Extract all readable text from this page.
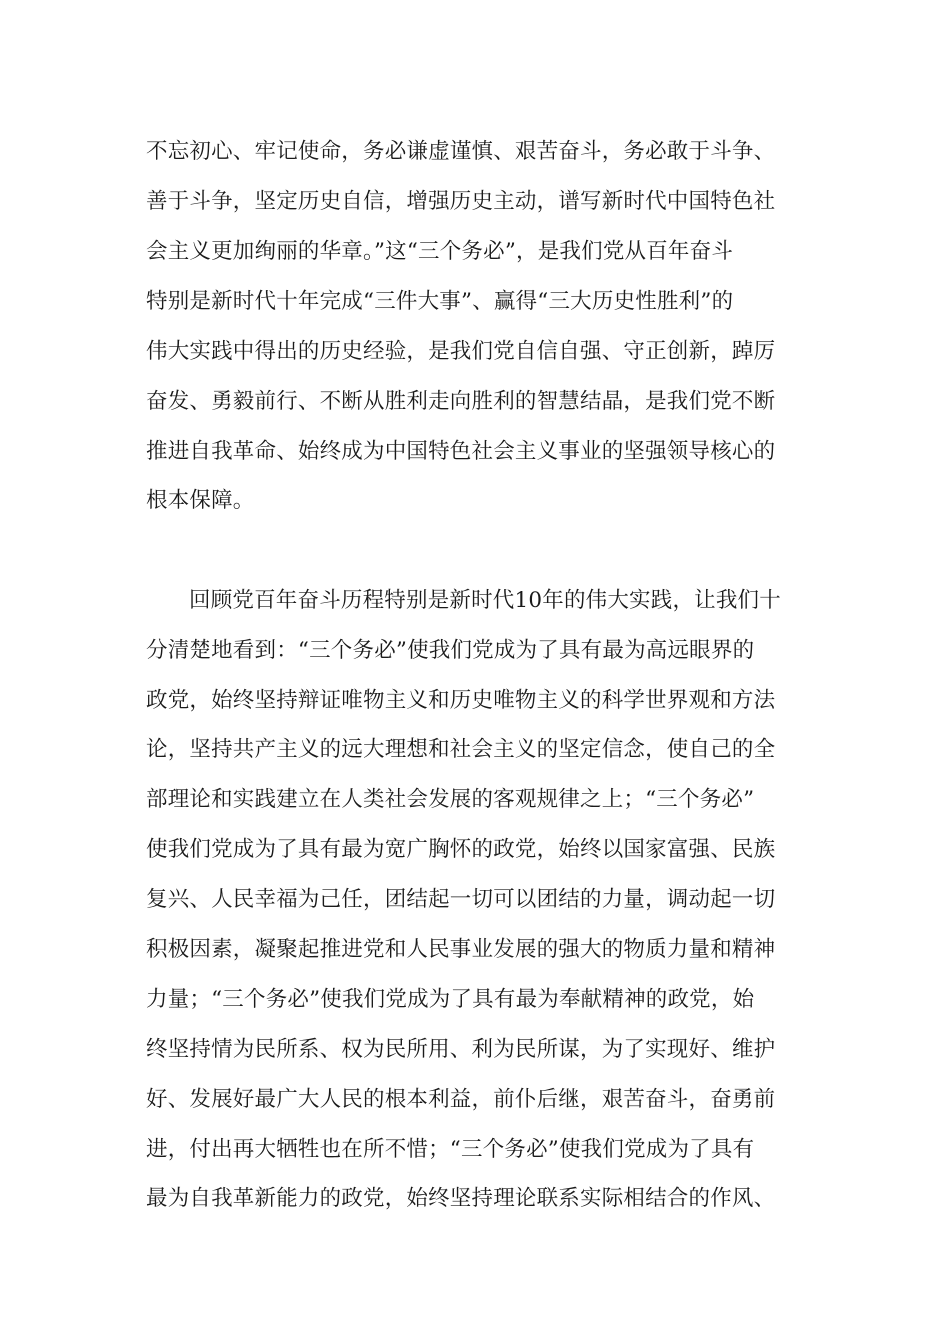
不忘初心、牢记使命，务必谦虚谨慎、艰苦奋斗，务必敢于斗争、
善于斗争，坚定历史自信，增强历史主动，谱写新时代中国特色社
会主义更加绚丽的华章。”这“三个务必”，是我们党从百年奋斗
特别是新时代十年完成“三件大事”、赢得“三大历史性胜利”的
伟大实践中得出的历史经验，是我们党自信自强、守正创新，踔厉
奋发、勇毅前行、不断从胜利走向胜利的智慧结晶，是我们党不断
推进自我革命、始终成为中国特色社会主义事业的坚强领导核心的
根本保障。
回顾党百年奋斗历程特别是新时代10年的伟大实践，让我们十
分清楚地看到：“三个务必”使我们党成为了具有最为高远眼界的
政党，始终坚持辩证唯物主义和历史唯物主义的科学世界观和方法
论，坚持共产主义的远大理想和社会主义的坚定信念，使自己的全
部理论和实践建立在人类社会发展的客观规律之上；“三个务必”
使我们党成为了具有最为宽广胸怀的政党，始终以国家富强、民族
复兴、人民幸福为己任，团结起一切可以团结的力量，调动起一切
积极因素，凝聚起推进党和人民事业发展的强大的物质力量和精神
力量；“三个务必”使我们党成为了具有最为奉献精神的政党，始
终坚持情为民所系、权为民所用、利为民所谋，为了实现好、维护
好、发展好最广大人民的根本利益，前仆后继，艰苦奋斗，奋勇前
进，付出再大牺牲也在所不惜；“三个务必”使我们党成为了具有
最为自我革新能力的政党，始终坚持理论联系实际相结合的作风、
